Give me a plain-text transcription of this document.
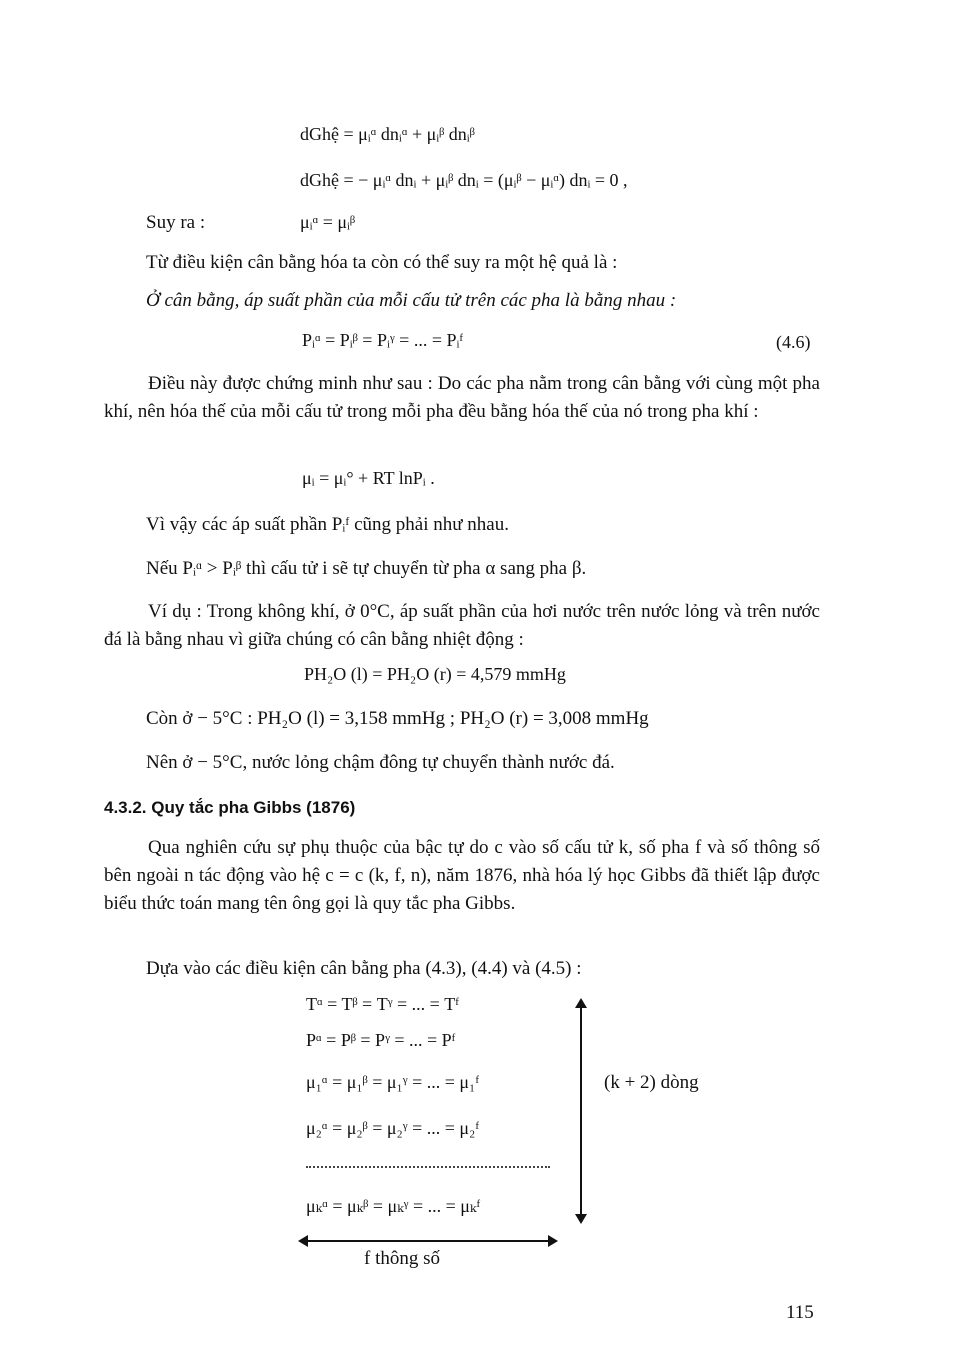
dGhệ = μᵢᵅ dnᵢᵅ + μᵢᵝ dnᵢᵝ
dGhệ = − μᵢᵅ dnᵢ + μᵢᵝ dnᵢ = (μᵢᵝ − μᵢᵅ) dnᵢ = 0 ,
Suy ra :	μᵢᵅ = μᵢᵝ
Từ điều kiện cân bằng hóa ta còn có thể suy ra một hệ quả là :
Ở cân bằng, áp suất phần của mỗi cấu tử trên các pha là bằng nhau :
Pᵢᵅ = Pᵢᵝ = Pᵢᵞ = ... = Pᵢᶠ	(4.6)
Điều này được chứng minh như sau : Do các pha nằm trong cân bằng với cùng một pha khí, nên hóa thế của mỗi cấu tử trong mỗi pha đều bằng hóa thế của nó trong pha khí :
μᵢ = μᵢ° + RT lnPᵢ .
Vì vậy các áp suất phần Pᵢᶠ cũng phải như nhau.
Nếu Pᵢᵅ > Pᵢᵝ thì cấu tử i sẽ tự chuyển từ pha α sang pha β.
Ví dụ : Trong không khí, ở 0°C, áp suất phần của hơi nước trên nước lỏng và trên nước đá là bằng nhau vì giữa chúng có cân bằng nhiệt động :
PH₂O (l) = PH₂O (r) = 4,579 mmHg
Còn ở − 5°C : PH₂O (l) = 3,158 mmHg ; PH₂O (r) = 3,008 mmHg
Nên ở − 5°C, nước lỏng chậm đông tự chuyển thành nước đá.
4.3.2. Quy tắc pha Gibbs (1876)
Qua nghiên cứu sự phụ thuộc của bậc tự do c vào số cấu tử k, số pha f và số thông số bên ngoài n tác động vào hệ c = c (k, f, n), năm 1876, nhà hóa lý học Gibbs đã thiết lập được biểu thức toán mang tên ông gọi là quy tắc pha Gibbs.
Dựa vào các điều kiện cân bằng pha (4.3), (4.4) và (4.5) :
Tᵅ = Tᵝ = Tᵞ = ... = Tᶠ
Pᵅ = Pᵝ = Pᵞ = ... = Pᶠ
μ₁ᵅ = μ₁ᵝ = μ₁ᵞ = ... = μ₁ᶠ
μ₂ᵅ = μ₂ᵝ = μ₂ᵞ = ... = μ₂ᶠ
μₖᵅ = μₖᵝ = μₖᵞ = ... = μₖᶠ
(k + 2) dòng
f thông số
115
